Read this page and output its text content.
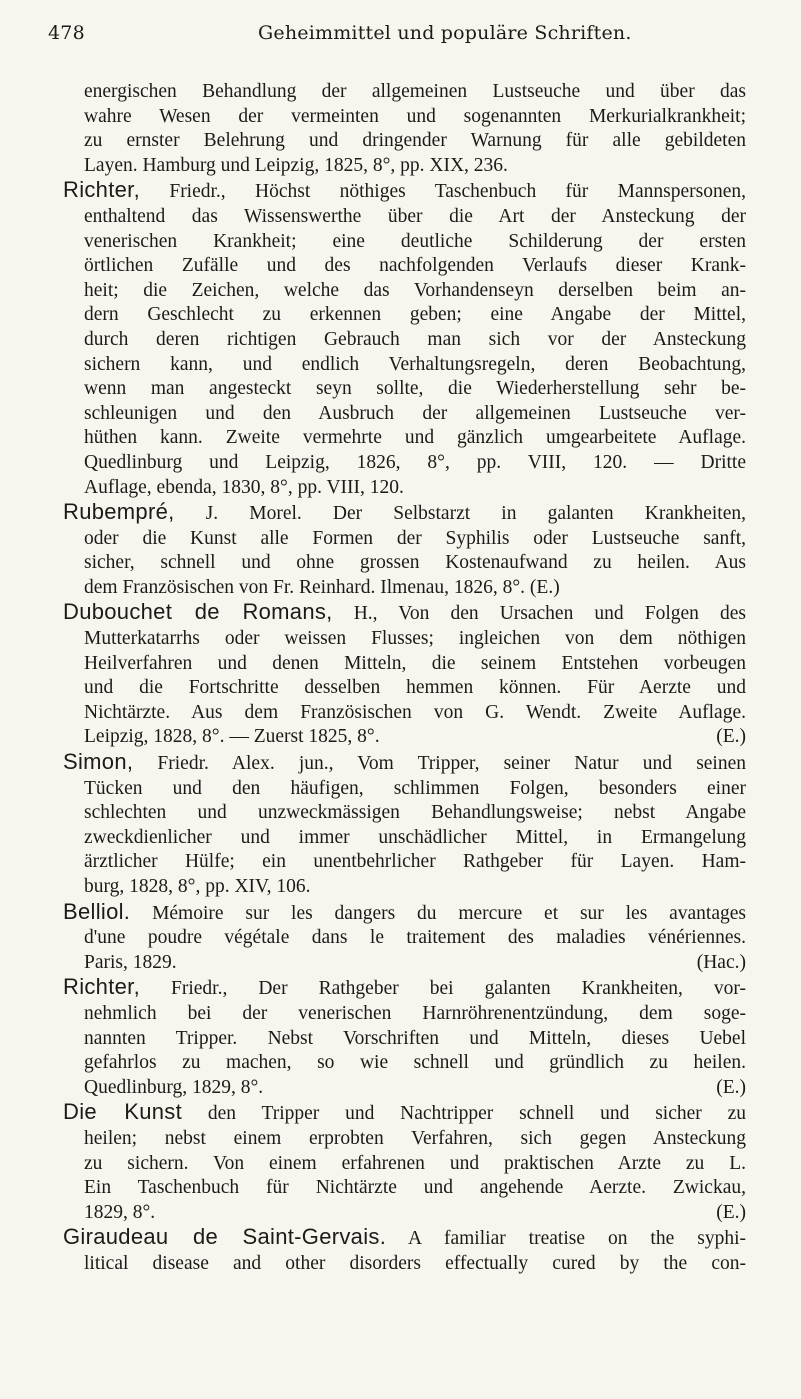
478	Geheimmittel und populäre Schriften.
energischen Behandlung der allgemeinen Lustseuche und über das
wahre Wesen der vermeinten und sogenannten Merkurialkrankheit;
zu ernster Belehrung und dringender Warnung für alle gebildeten
Layen. Hamburg und Leipzig, 1825, 8°, pp. XIX, 236.
Richter, Friedr., Höchst nöthiges Taschenbuch für Mannspersonen,
enthaltend das Wissenswerthe über die Art der Ansteckung der
venerischen Krankheit; eine deutliche Schilderung der ersten
örtlichen Zufälle und des nachfolgenden Verlaufs dieser Krank-
heit; die Zeichen, welche das Vorhandenseyn derselben beim an-
dern Geschlecht zu erkennen geben; eine Angabe der Mittel,
durch deren richtigen Gebrauch man sich vor der Ansteckung
sichern kann, und endlich Verhaltungsregeln, deren Beobachtung,
wenn man angesteckt seyn sollte, die Wiederherstellung sehr be-
schleunigen und den Ausbruch der allgemeinen Lustseuche ver-
hüthen kann. Zweite vermehrte und gänzlich umgearbeitete Auflage.
Quedlinburg und Leipzig, 1826, 8°, pp. VIII, 120. — Dritte
Auflage, ebenda, 1830, 8°, pp. VIII, 120.
Rubempré, J. Morel. Der Selbstarzt in galanten Krankheiten,
oder die Kunst alle Formen der Syphilis oder Lustseuche sanft,
sicher, schnell und ohne grossen Kostenaufwand zu heilen. Aus
dem Französischen von Fr. Reinhard. Ilmenau, 1826, 8°. (E.)
Dubouchet de Romans, H., Von den Ursachen und Folgen des
Mutterkatarrhs oder weissen Flusses; ingleichen von dem nöthigen
Heilverfahren und denen Mitteln, die seinem Entstehen vorbeugen
und die Fortschritte desselben hemmen können. Für Aerzte und
Nichtärzte. Aus dem Französischen von G. Wendt. Zweite Auflage.
Leipzig, 1828, 8°. — Zuerst 1825, 8°.	(E.)
Simon, Friedr. Alex. jun., Vom Tripper, seiner Natur und seinen
Tücken und den häufigen, schlimmen Folgen, besonders einer
schlechten und unzweckmässigen Behandlungsweise; nebst Angabe
zweckdienlicher und immer unschädlicher Mittel, in Ermangelung
ärztlicher Hülfe; ein unentbehrlicher Rathgeber für Layen. Ham-
burg, 1828, 8°, pp. XIV, 106.
Belliol. Mémoire sur les dangers du mercure et sur les avantages
d'une poudre végétale dans le traitement des maladies vénériennes.
Paris, 1829.	(Hac.)
Richter, Friedr., Der Rathgeber bei galanten Krankheiten, vor-
nehmlich bei der venerischen Harnröhrenentzündung, dem soge-
nannten Tripper. Nebst Vorschriften und Mitteln, dieses Uebel
gefahrlos zu machen, so wie schnell und gründlich zu heilen.
Quedlinburg, 1829, 8°.	(E.)
Die Kunst den Tripper und Nachtripper schnell und sicher zu
heilen; nebst einem erprobten Verfahren, sich gegen Ansteckung
zu sichern. Von einem erfahrenen und praktischen Arzte zu L.
Ein Taschenbuch für Nichtärzte und angehende Aerzte. Zwickau,
1829, 8°.	(E.)
Giraudeau de Saint-Gervais. A familiar treatise on the syphi-
litical disease and other disorders effectually cured by the con-
